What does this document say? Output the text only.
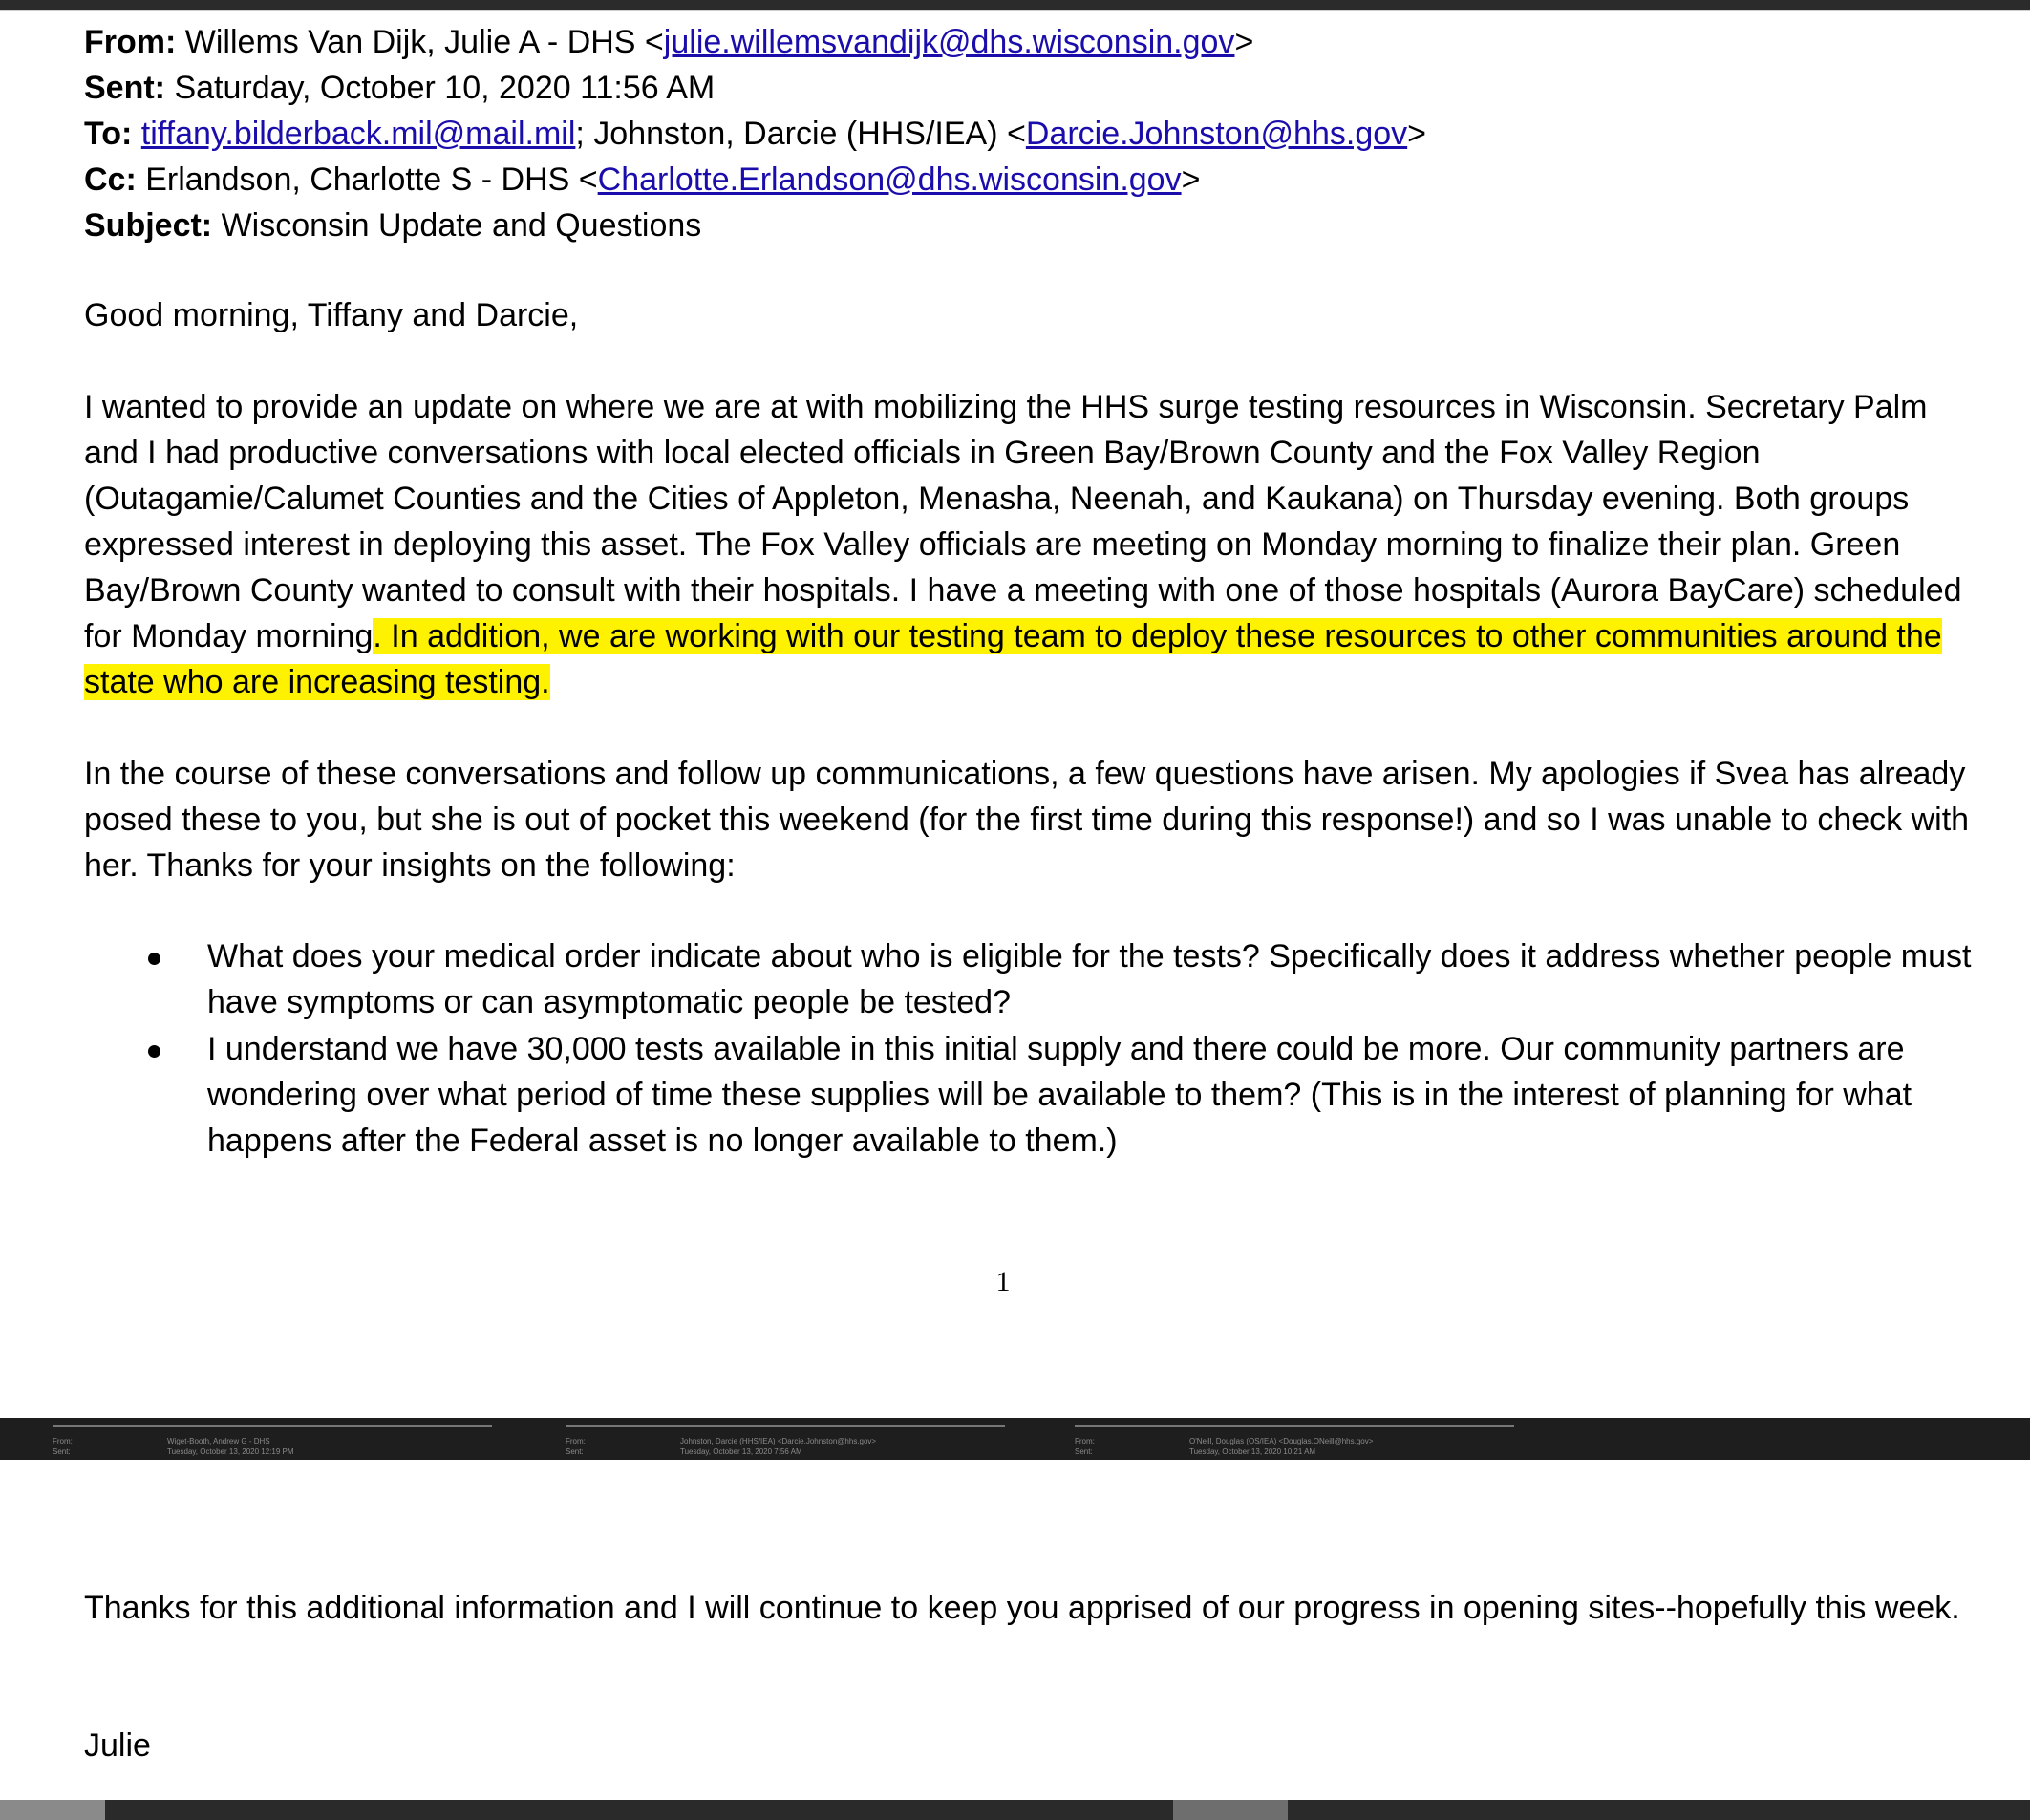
From: Willems Van Dijk, Julie A - DHS <julie.willemsvandijk@dhs.wisconsin.gov>
Sent: Saturday, October 10, 2020 11:56 AM
To: tiffany.bilderback.mil@mail.mil; Johnston, Darcie (HHS/IEA) <Darcie.Johnston@hhs.gov>
Cc: Erlandson, Charlotte S - DHS <Charlotte.Erlandson@dhs.wisconsin.gov>
Subject: Wisconsin Update and Questions
Good morning, Tiffany and Darcie,
I wanted to provide an update on where we are at with mobilizing the HHS surge testing resources in Wisconsin. Secretary Palm and I had productive conversations with local elected officials in Green Bay/Brown County and the Fox Valley Region (Outagamie/Calumet Counties and the Cities of Appleton, Menasha, Neenah, and Kaukana) on Thursday evening. Both groups expressed interest in deploying this asset. The Fox Valley officials are meeting on Monday morning to finalize their plan. Green Bay/Brown County wanted to consult with their hospitals. I have a meeting with one of those hospitals (Aurora BayCare) scheduled for Monday morning. In addition, we are working with our testing team to deploy these resources to other communities around the state who are increasing testing.
In the course of these conversations and follow up communications, a few questions have arisen. My apologies if Svea has already posed these to you, but she is out of pocket this weekend (for the first time during this response!) and so I was unable to check with her. Thanks for your insights on the following:
What does your medical order indicate about who is eligible for the tests? Specifically does it address whether people must have symptoms or can asymptomatic people be tested?
I understand we have 30,000 tests available in this initial supply and there could be more. Our community partners are wondering over what period of time these supplies will be available to them? (This is in the interest of planning for what happens after the Federal asset is no longer available to them.)
1
From:	Wiget-Booth, Andrew G - DHS
Sent:	Tuesday, October 13, 2020 12:19 PM
From:	Johnston, Darcie (HHS/IEA) <Darcie.Johnston@hhs.gov>
Sent:	Tuesday, October 13, 2020 7:56 AM
From:	O'Neill, Douglas (OS/IEA) <Douglas.ONeill@hhs.gov>
Sent:	Tuesday, October 13, 2020 10:21 AM
Thanks for this additional information and I will continue to keep you apprised of our progress in opening sites--hopefully this week.
Julie
